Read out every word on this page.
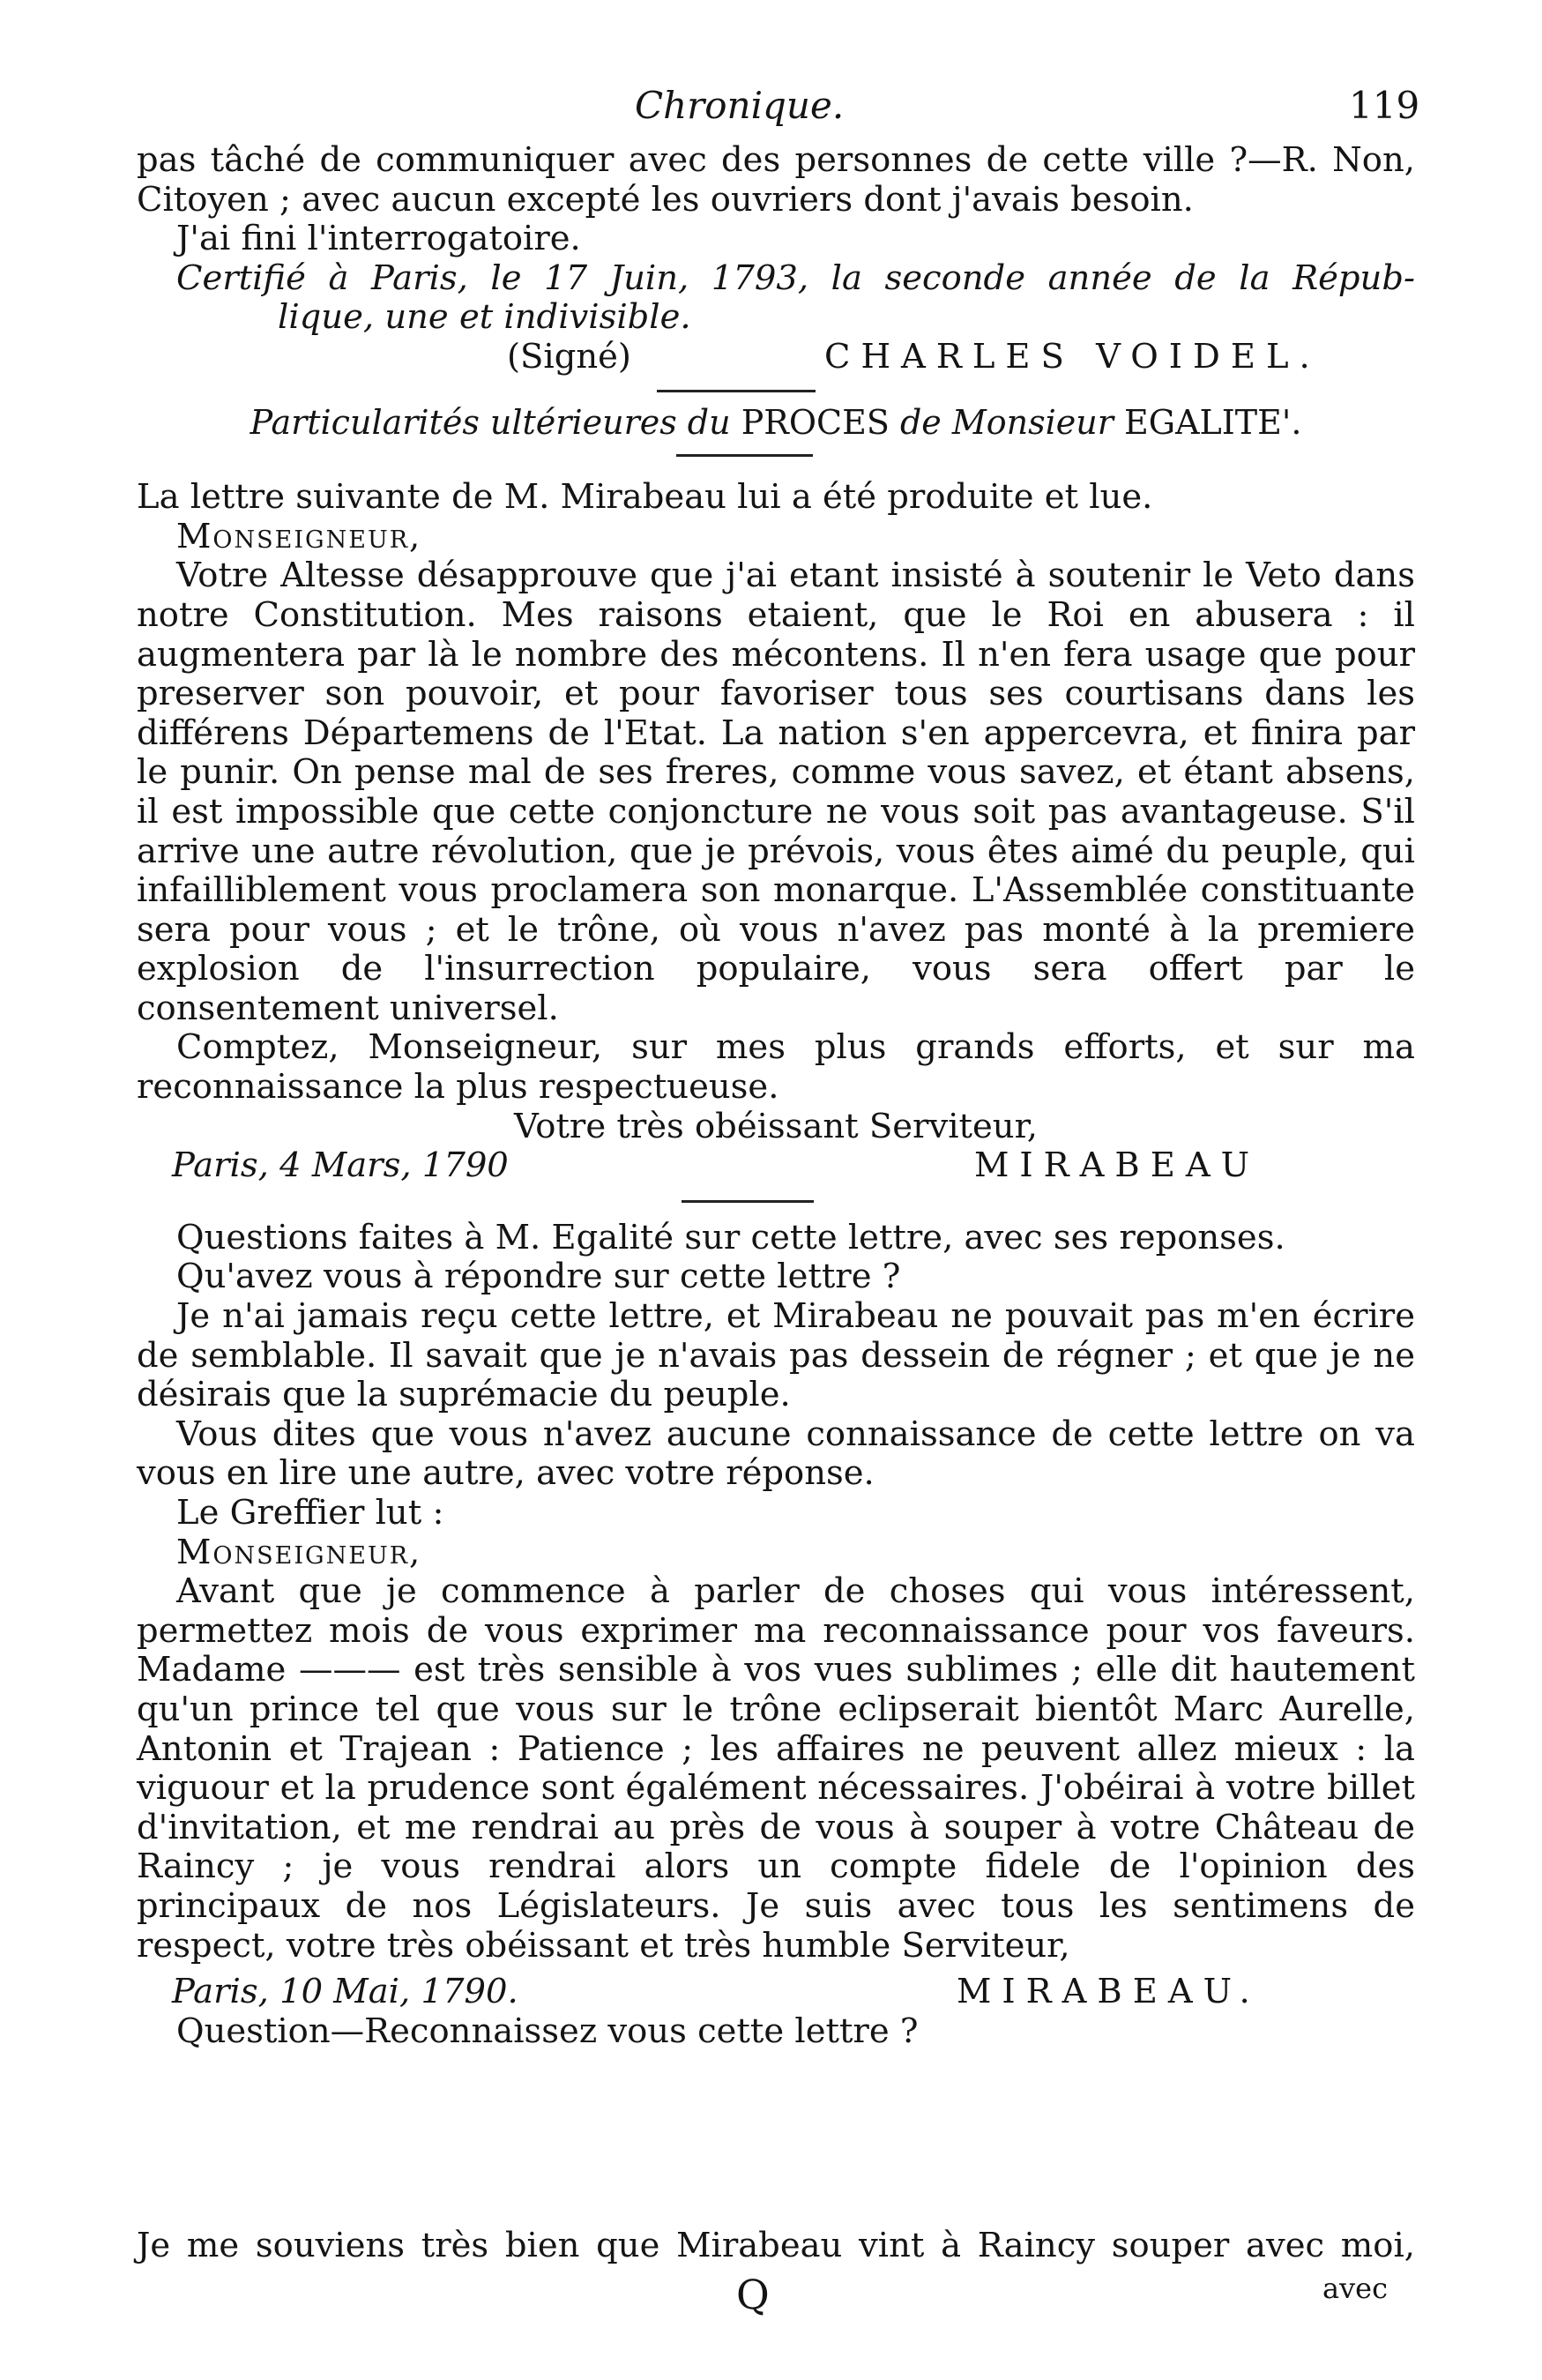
Chronique.	119

pas tâché de communiquer avec des personnes de cette ville ?—R. Non,

Citoyen ; avec aucun excepté les ouvriers dont j'avais besoin.

J'ai fini l'interrogatoire.

Certifié à Paris, le 17 Juin, 1793, la seconde année de la Répub-

lique, une et indivisible.

(Signé)	CHARLES VOIDEL.

Particularités ultérieures du PROCES de Monsieur EGALITE'.

La lettre suivante de M. Mirabeau lui a été produite et lue.

Monseigneur,

Votre Altesse désapprouve que j'ai etant insisté à soutenir le Veto dans notre Constitution. Mes raisons etaient, que le Roi en abusera : il augmentera par là le nombre des mécontens. Il n'en fera usage que pour preserver son pouvoir, et pour favoriser tous ses courtisans dans les différens Départemens de l'Etat. La nation s'en appercevra, et finira par le punir. On pense mal de ses freres, comme vous savez, et étant absens, il est impossible que cette conjoncture ne vous soit pas avantageuse. S'il arrive une autre révolution, que je prévois, vous êtes aimé du peuple, qui infailliblement vous proclamera son monarque. L'Assemblée constituante sera pour vous ; et le trône, où vous n'avez pas monté à la premiere explosion de l'insurrection populaire, vous sera offert par le consentement universel.

Comptez, Monseigneur, sur mes plus grands efforts, et sur ma reconnaissance la plus respectueuse.

Votre très obéissant Serviteur,

Paris, 4 Mars, 1790	MIRABEAU

Questions faites à M. Egalité sur cette lettre, avec ses reponses.

Qu'avez vous à répondre sur cette lettre ?

Je n'ai jamais reçu cette lettre, et Mirabeau ne pouvait pas m'en écrire de semblable. Il savait que je n'avais pas dessein de régner ; et que je ne désirais que la suprémacie du peuple.

Vous dites que vous n'avez aucune connaissance de cette lettre on va vous en lire une autre, avec votre réponse.

Le Greffier lut :

Monseigneur,

Avant que je commence à parler de choses qui vous intéressent, permettez mois de vous exprimer ma reconnaissance pour vos faveurs. Madame ——— est très sensible à vos vues sublimes ; elle dit hautement qu'un prince tel que vous sur le trône eclipserait bientôt Marc Aurelle, Antonin et Trajean : Patience ; les affaires ne peuvent allez mieux : la viguour et la prudence sont égalément nécessaires. J'obéirai à votre billet d'invitation, et me rendrai au près de vous à souper à votre Château de Raincy ; je vous rendrai alors un compte fidele de l'opinion des principaux de nos Législateurs. Je suis avec tous les sentimens de respect, votre très obéissant et très humble Serviteur,

Paris, 10 Mai, 1790.	MIRABEAU.

Question—Reconnaissez vous cette lettre ?

Je me souviens très bien que Mirabeau vint à Raincy souper avec moi,

Q	avec
